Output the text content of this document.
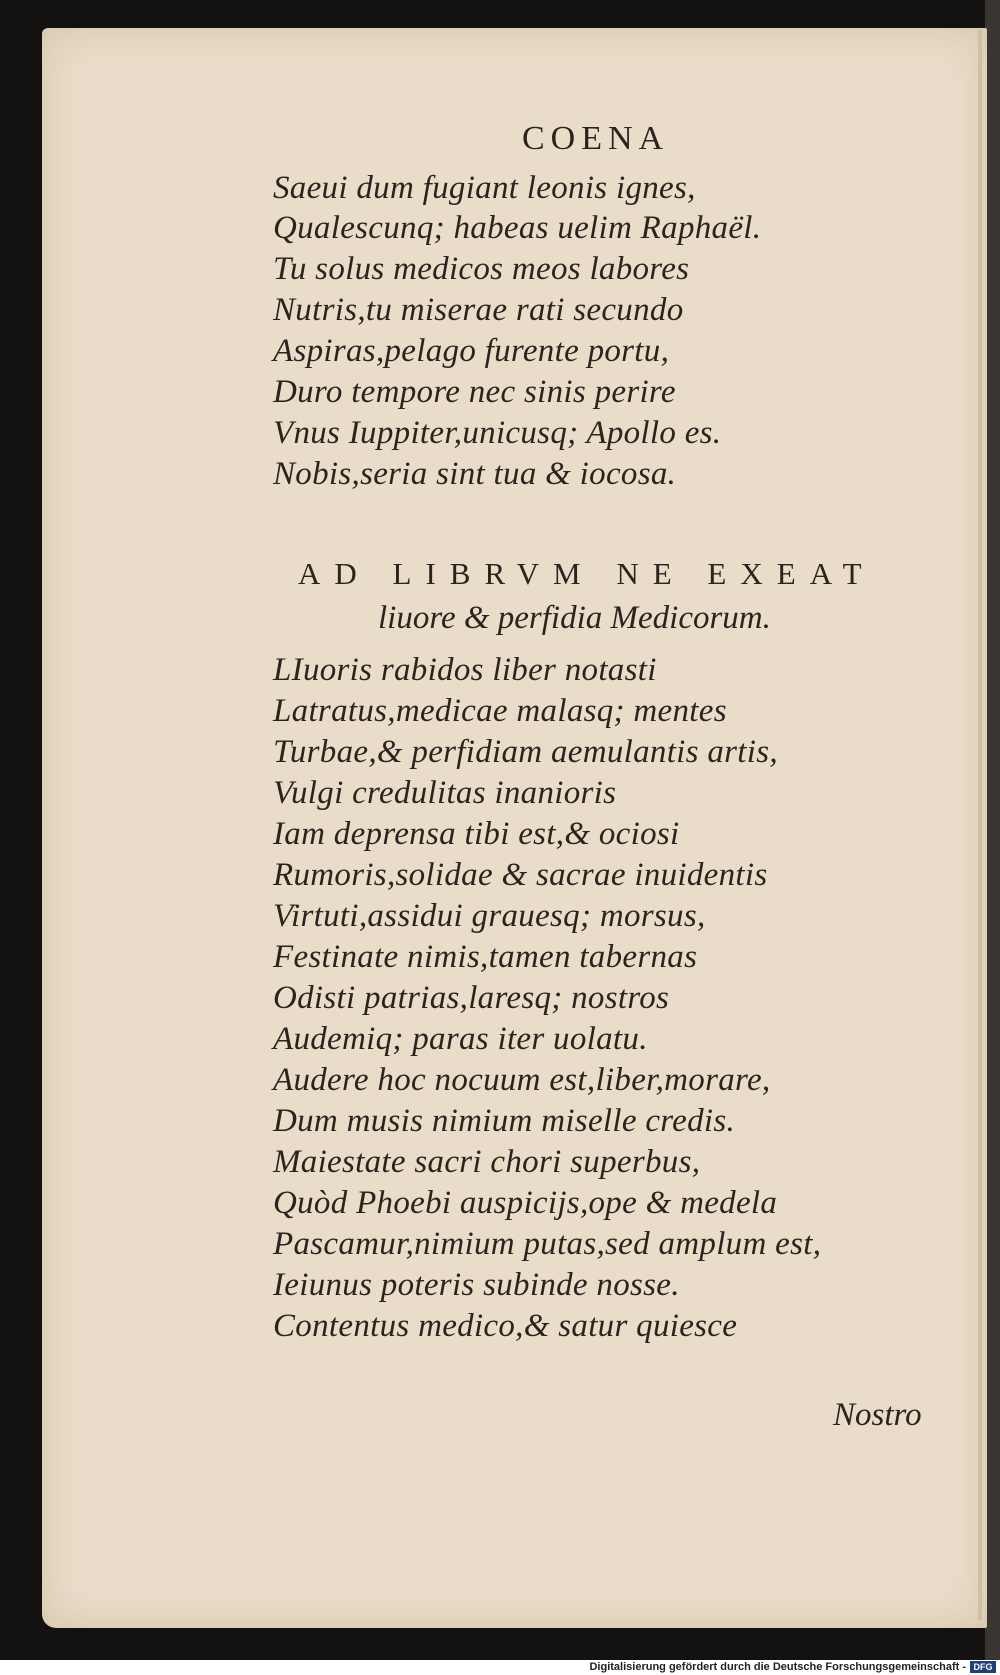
COENA
Saeui dum fugiant leonis ignes,
Qualescunq; habeas uelim Raphaël.
Tu solus medicos meos labores
Nutris,tu miserae rati secundo
Aspiras,pelago furente portu,
Duro tempore nec sinis perire
Vnus Iuppiter,unicusq; Apollo es.
Nobis,seria sint tua & iocosa.
AD LIBRVM NE EXEAT
liuore & perfidia Medicorum.
LIuoris rabidos liber notasti
Latratus,medicae malasq; mentes
Turbae,& perfidiam aemulantis artis,
Vulgi credulitas inanioris
Iam deprensa tibi est,& ociosi
Rumoris,solidae & sacrae inuidentis
Virtuti,assidui grauesq; morsus,
Festinate nimis,tamen tabernas
Odisti patrias,laresq; nostros
Audemiq; paras iter uolatu.
Audere hoc nocuum est,liber,morare,
Dum musis nimium miselle credis.
Maiestate sacri chori superbus,
Quòd Phoebi auspicijs,ope & medela
Pascamur,nimium putas,sed amplum est,
Ieiunus poteris subinde nosse.
Contentus medico,& satur quiesce
Nostro
Digitalisierung gefördert durch die Deutsche Forschungsgemeinschaft - DFG
